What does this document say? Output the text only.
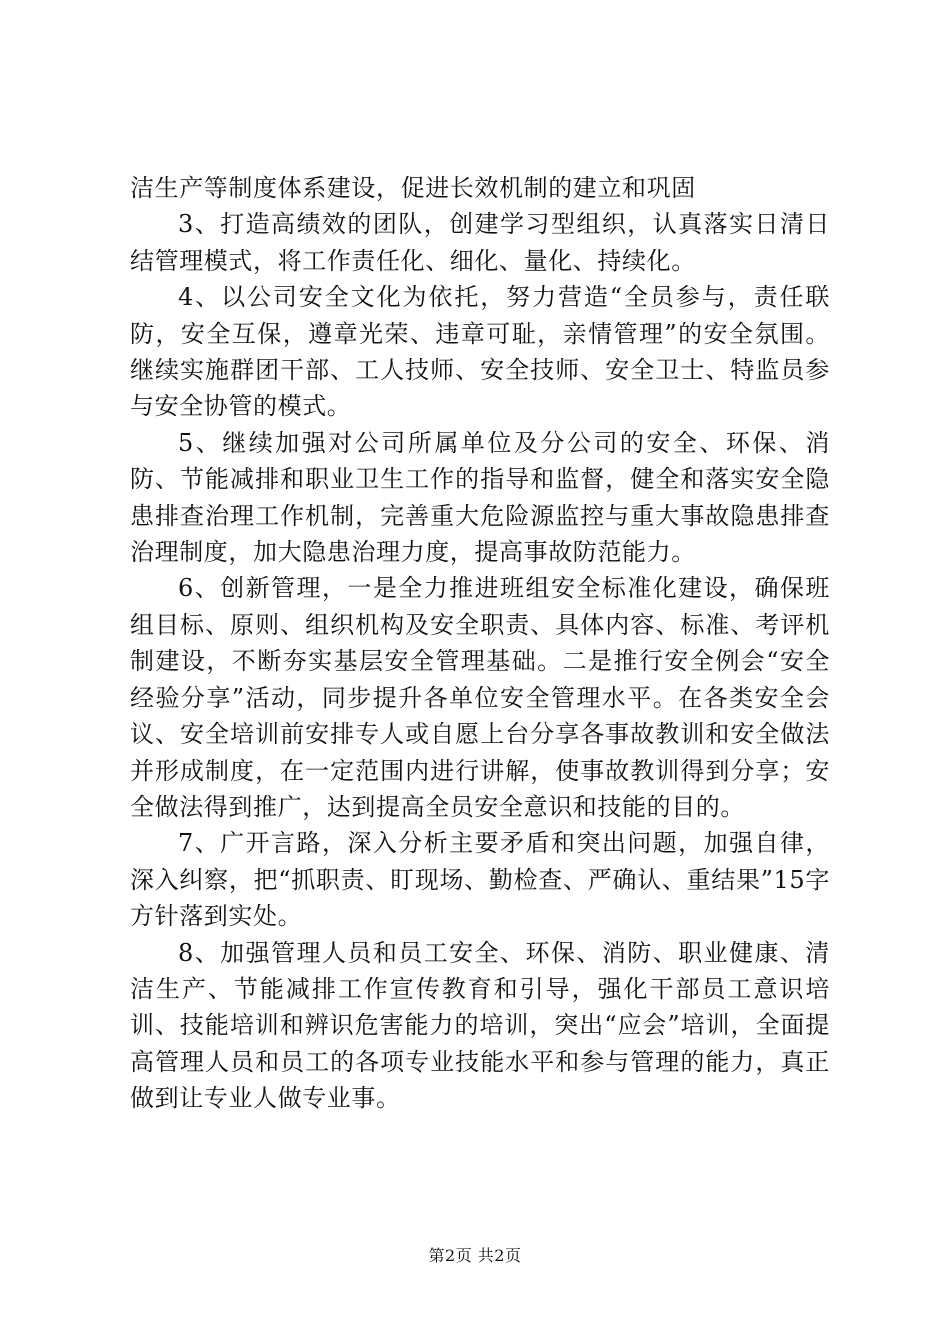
洁生产等制度体系建设，促进长效机制的建立和巩固

3、打造高绩效的团队，创建学习型组织，认真落实日清日结管理模式，将工作责任化、细化、量化、持续化。

4、以公司安全文化为依托，努力营造“全员参与，责任联防，安全互保，遵章光荣、违章可耻，亲情管理”的安全氛围。继续实施群团干部、工人技师、安全技师、安全卫士、特监员参与安全协管的模式。

5、继续加强对公司所属单位及分公司的安全、环保、消防、节能减排和职业卫生工作的指导和监督，健全和落实安全隐患排查治理工作机制，完善重大危险源监控与重大事故隐患排查治理制度，加大隐患治理力度，提高事故防范能力。

6、创新管理，一是全力推进班组安全标准化建设，确保班组目标、原则、组织机构及安全职责、具体内容、标准、考评机制建设，不断夯实基层安全管理基础。二是推行安全例会“安全经验分享”活动，同步提升各单位安全管理水平。在各类安全会议、安全培训前安排专人或自愿上台分享各事故教训和安全做法并形成制度，在一定范围内进行讲解，使事故教训得到分享；安全做法得到推广，达到提高全员安全意识和技能的目的。

7、广开言路，深入分析主要矛盾和突出问题，加强自律，深入纠察，把“抓职责、盯现场、勤检查、严确认、重结果”15字方针落到实处。

8、加强管理人员和员工安全、环保、消防、职业健康、清洁生产、节能减排工作宣传教育和引导，强化干部员工意识培训、技能培训和辨识危害能力的培训，突出“应会”培训，全面提高管理人员和员工的各项专业技能水平和参与管理的能力，真正做到让专业人做专业事。

第2页 共2页
